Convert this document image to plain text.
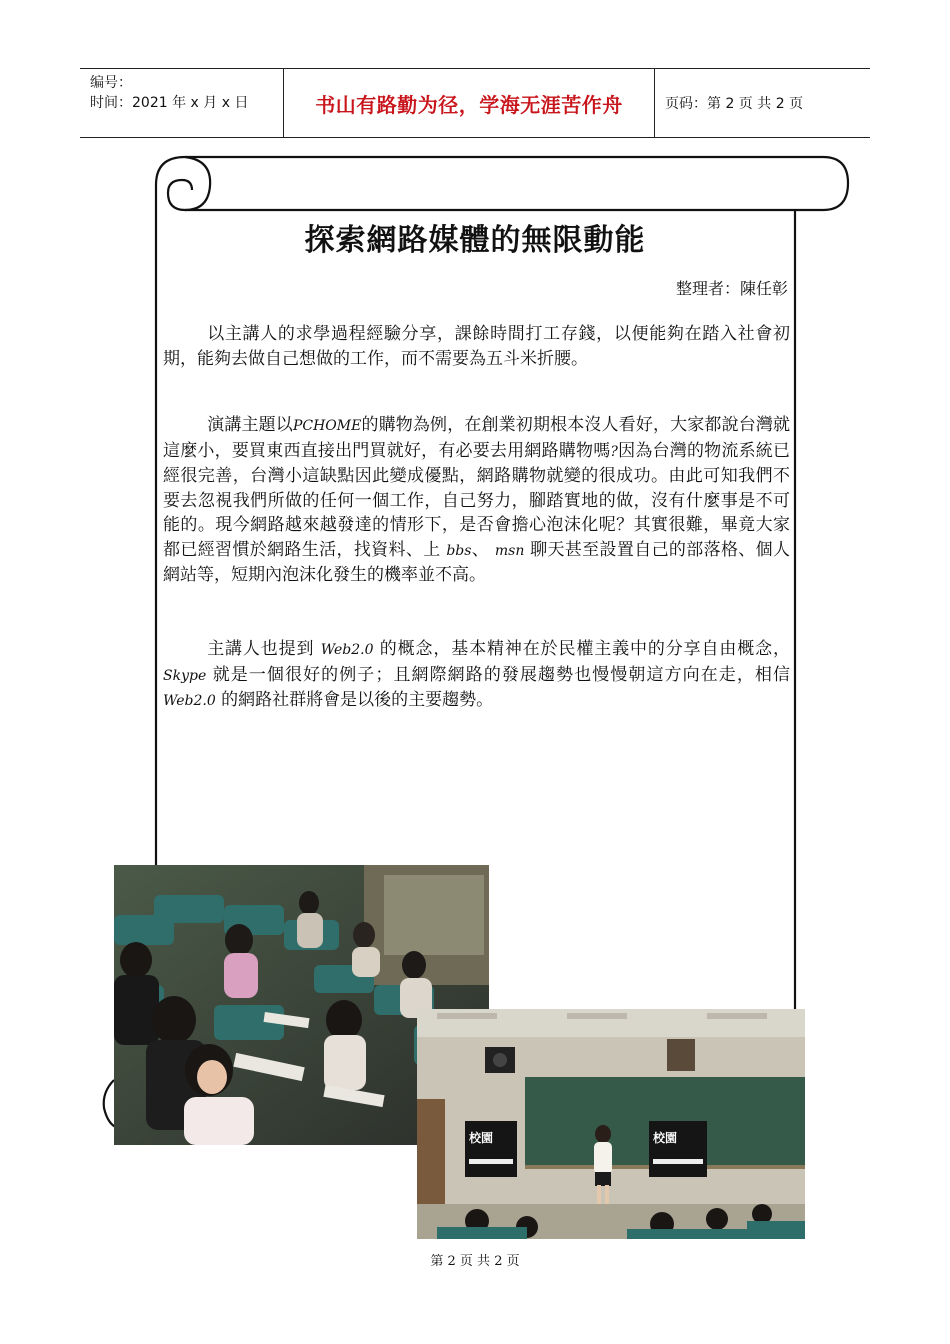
编号：
时间：2021 年 x 月 x 日	书山有路勤为径，学海无涯苦作舟	页码：第 2 页 共 2 页
探索網路媒體的無限動能
整理者：陳任彰

以主講人的求學過程經驗分享，課餘時間打工存錢，以便能夠在踏入社會初期，能夠去做自己想做的工作，而不需要為五斗米折腰。

演講主題以PCHOME的購物為例，在創業初期根本沒人看好，大家都說台灣就這麼小，要買東西直接出門買就好，有必要去用網路購物嗎?因為台灣的物流系統已經很完善，台灣小這缺點因此變成優點，網路購物就變的很成功。由此可知我們不要去忽視我們所做的任何一個工作，自己努力，腳踏實地的做，沒有什麼事是不可能的。現今網路越來越發達的情形下，是否會擔心泡沫化呢？其實很難，畢竟大家都已經習慣於網路生活，找資料、上 bbs、 msn 聊天甚至設置自己的部落格、個人網站等，短期內泡沫化發生的機率並不高。

主講人也提到 Web2.0 的概念，基本精神在於民權主義中的分享自由概念，Skype 就是一個很好的例子；且網際網路的發展趨勢也慢慢朝這方向在走，相信 Web2.0 的網路社群將會是以後的主要趨勢。

校園	校園
第 2 页 共 2 页
